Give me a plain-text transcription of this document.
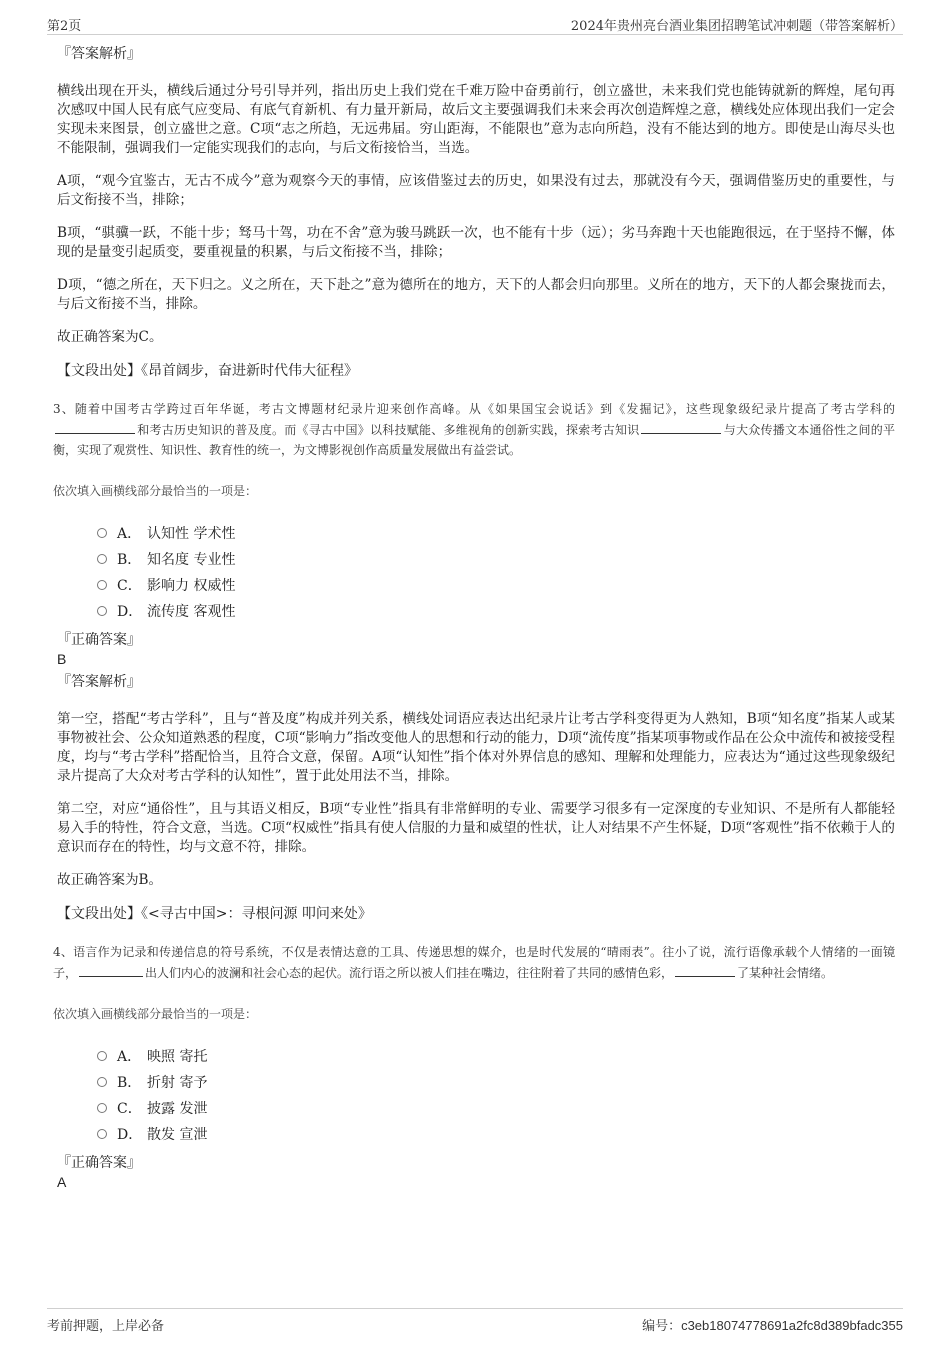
第2页	2024年贵州亮台酒业集团招聘笔试冲刺题（带答案解析）
『答案解析』

横线出现在开头，横线后通过分号引导并列，指出历史上我们党在千难万险中奋勇前行，创立盛世，未来我们党也能铸就新的辉煌，尾句再次感叹中国人民有底气应变局、有底气育新机、有力量开新局，故后文主要强调我们未来会再次创造辉煌之意，横线处应体现出我们一定会实现未来图景，创立盛世之意。C项“志之所趋，无远弗届。穷山距海，不能限也”意为志向所趋，没有不能达到的地方。即使是山海尽头也不能限制，强调我们一定能实现我们的志向，与后文衔接恰当，当选。

A项，“观今宜鉴古，无古不成今”意为观察今天的事情，应该借鉴过去的历史，如果没有过去，那就没有今天，强调借鉴历史的重要性，与后文衔接不当，排除；

B项，“骐骥一跃，不能十步；驽马十驾，功在不舍”意为骏马跳跃一次，也不能有十步（远）；劣马奔跑十天也能跑很远，在于坚持不懈，体现的是量变引起质变，要重视量的积累，与后文衔接不当，排除；

D项，“德之所在，天下归之。义之所在，天下赴之”意为德所在的地方，天下的人都会归向那里。义所在的地方，天下的人都会聚拢而去，与后文衔接不当，排除。

故正确答案为C。

【文段出处】《昂首阔步，奋进新时代伟大征程》
3、随着中国考古学跨过百年华诞，考古文博题材纪录片迎来创作高峰。从《如果国宝会说话》到《发掘记》，这些现象级纪录片提高了考古学科的和考古历史知识的普及度。而《寻古中国》以科技赋能、多维视角的创新实践，探索考古知识	与大众传播文本通俗性之间的平衡，实现了观赏性、知识性、教育性的统一，为文博影视创作高质量发展做出有益尝试。
依次填入画横线部分最恰当的一项是：
A． 认知性 学术性
B． 知名度 专业性
C． 影响力 权威性
D． 流传度 客观性
『正确答案』
B
『答案解析』

第一空，搭配“考古学科”，且与“普及度”构成并列关系，横线处词语应表达出纪录片让考古学科变得更为人熟知，B项“知名度”指某人或某事物被社会、公众知道熟悉的程度，C项“影响力”指改变他人的思想和行动的能力，D项“流传度”指某项事物或作品在公众中流传和被接受程度，均与“考古学科”搭配恰当，且符合文意，保留。A项“认知性”指个体对外界信息的感知、理解和处理能力，应表达为“通过这些现象级纪录片提高了大众对考古学科的认知性”，置于此处用法不当，排除。

第二空，对应“通俗性”，且与其语义相反，B项“专业性”指具有非常鲜明的专业、需要学习很多有一定深度的专业知识、不是所有人都能轻易入手的特性，符合文意，当选。C项“权威性”指具有使人信服的力量和威望的性状，让人对结果不产生怀疑，D项“客观性”指不依赖于人的意识而存在的特性，均与文意不符，排除。

故正确答案为B。

【文段出处】《<寻古中国>：寻根问源 叩问来处》
4、语言作为记录和传递信息的符号系统，不仅是表情达意的工具、传递思想的媒介，也是时代发展的“晴雨表”。往小了说，流行语像承载个人情绪的一面镜子，	出人们内心的波澜和社会心态的起伏。流行语之所以被人们挂在嘴边，往往附着了共同的感情色彩，	了某种社会情绪。
依次填入画横线部分最恰当的一项是：
A． 映照 寄托
B． 折射 寄予
C． 披露 发泄
D． 散发 宣泄
『正确答案』
A
考前押题，上岸必备	编号：c3eb18074778691a2fc8d389bfadc355
